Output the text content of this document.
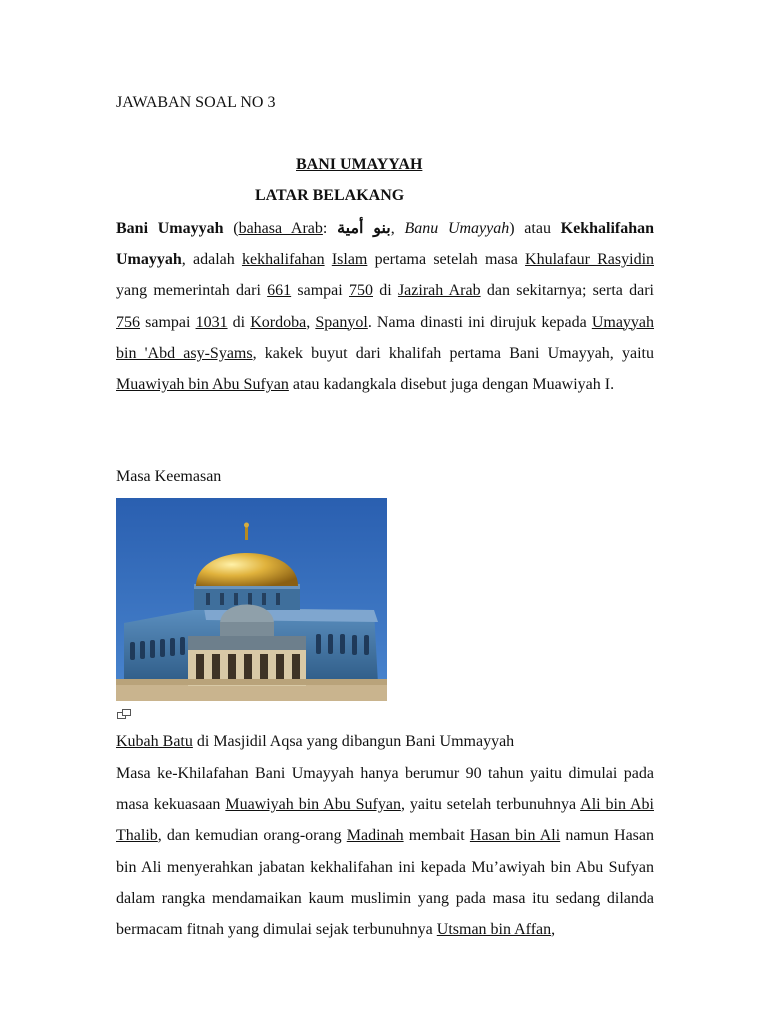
JAWABAN SOAL NO 3
BANI UMAYYAH
LATAR BELAKANG

Bani Umayyah (bahasa Arab: بنو أمية, Banu Umayyah) atau Kekhalifahan Umayyah, adalah kekhalifahan Islam pertama setelah masa Khulafaur Rasyidin yang memerintah dari 661 sampai 750 di Jazirah Arab dan sekitarnya; serta dari 756 sampai 1031 di Kordoba, Spanyol. Nama dinasti ini dirujuk kepada Umayyah bin 'Abd asy-Syams, kakek buyut dari khalifah pertama Bani Umayyah, yaitu Muawiyah bin Abu Sufyan atau kadangkala disebut juga dengan Muawiyah I.

Masa Keemasan
Kubah Batu di Masjidil Aqsa yang dibangun Bani Ummayyah

Masa ke-Khilafahan Bani Umayyah hanya berumur 90 tahun yaitu dimulai pada masa kekuasaan Muawiyah bin Abu Sufyan, yaitu setelah terbunuhnya Ali bin Abi Thalib, dan kemudian orang-orang Madinah membait Hasan bin Ali namun Hasan bin Ali menyerahkan jabatan kekhalifahan ini kepada Mu’awiyah bin Abu Sufyan dalam rangka mendamaikan kaum muslimin yang pada masa itu sedang dilanda bermacam fitnah yang dimulai sejak terbunuhnya Utsman bin Affan,
